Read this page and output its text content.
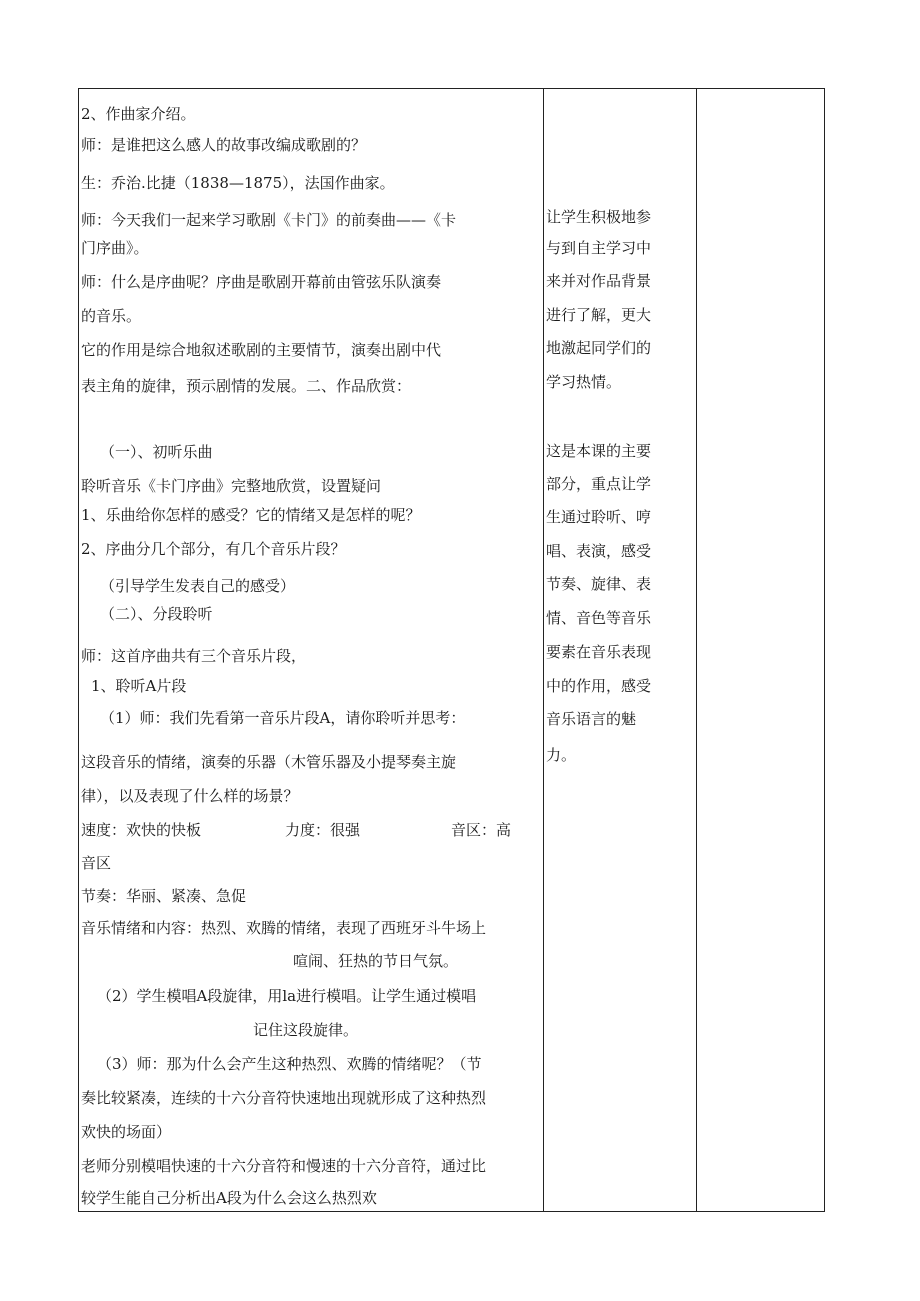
2、作曲家介绍。
师：是谁把这么感人的故事改编成歌剧的？
生：乔治.比捷（1838—1875），法国作曲家。
师：今天我们一起来学习歌剧《卡门》的前奏曲——《卡
门序曲》。
师：什么是序曲呢？序曲是歌剧开幕前由管弦乐队演奏
的音乐。
它的作用是综合地叙述歌剧的主要情节，演奏出剧中代
表主角的旋律，预示剧情的发展。二、作品欣赏：
（一）、初听乐曲
聆听音乐《卡门序曲》完整地欣赏，设置疑问
1、乐曲给你怎样的感受？它的情绪又是怎样的呢？
2、序曲分几个部分，有几个音乐片段？
（引导学生发表自己的感受）
（二）、分段聆听
师：这首序曲共有三个音乐片段，
1、聆听A片段
（1）师：我们先看第一音乐片段A，请你聆听并思考：
这段音乐的情绪，演奏的乐器（木管乐器及小提琴奏主旋
律），以及表现了什么样的场景？
速度：欢快的快板	力度：很强	音区：高
音区
节奏：华丽、紧凑、急促
音乐情绪和内容：热烈、欢腾的情绪，表现了西班牙斗牛场上
喧闹、狂热的节日气氛。
（2）学生模唱A段旋律，用la进行模唱。让学生通过模唱
记住这段旋律。
（3）师：那为什么会产生这种热烈、欢腾的情绪呢？（节
奏比较紧凑，连续的十六分音符快速地出现就形成了这种热烈
欢快的场面）
老师分别模唱快速的十六分音符和慢速的十六分音符，通过比
较学生能自己分析出A段为什么会这么热烈欢
让学生积极地参
与到自主学习中
来并对作品背景
进行了解，更大
地激起同学们的
学习热情。
这是本课的主要
部分，重点让学
生通过聆听、哼
唱、表演，感受
节奏、旋律、表
情、音色等音乐
要素在音乐表现
中的作用，感受
音乐语言的魅
力。
